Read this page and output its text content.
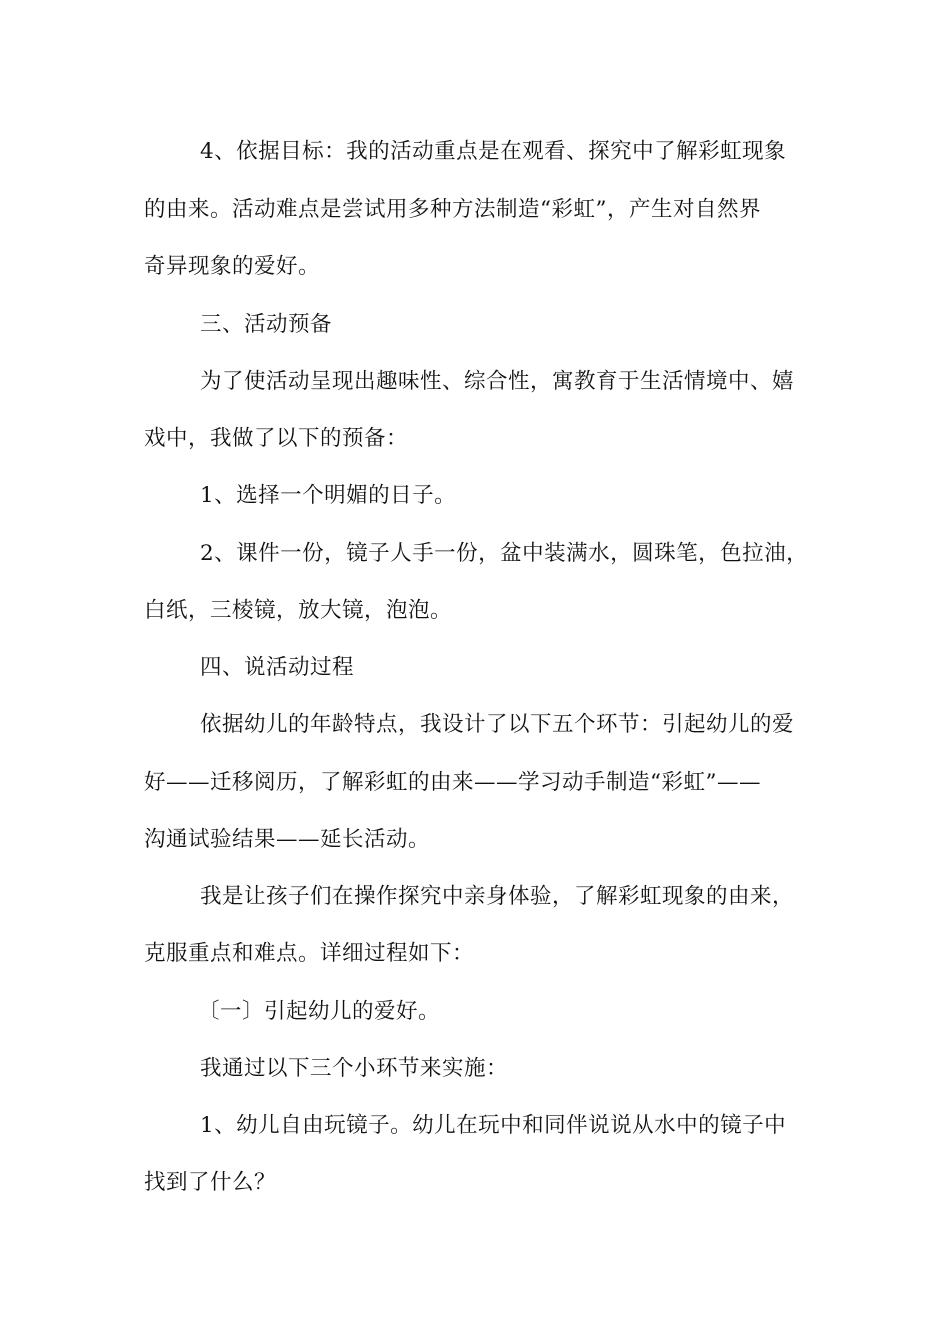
4、依据目标：我的活动重点是在观看、探究中了解彩虹现象
的由来。活动难点是尝试用多种方法制造“彩虹”，产生对自然界
奇异现象的爱好。
三、活动预备
为了使活动呈现出趣味性、综合性，寓教育于生活情境中、嬉
戏中，我做了以下的预备：
1、选择一个明媚的日子。
2、课件一份，镜子人手一份，盆中装满水，圆珠笔，色拉油，
白纸，三棱镜，放大镜，泡泡。
四、说活动过程
依据幼儿的年龄特点，我设计了以下五个环节：引起幼儿的爱
好——迁移阅历，了解彩虹的由来——学习动手制造“彩虹”——
沟通试验结果——延长活动。
我是让孩子们在操作探究中亲身体验，了解彩虹现象的由来，
克服重点和难点。详细过程如下：
〔一〕引起幼儿的爱好。
我通过以下三个小环节来实施：
1、幼儿自由玩镜子。幼儿在玩中和同伴说说从水中的镜子中
找到了什么？
